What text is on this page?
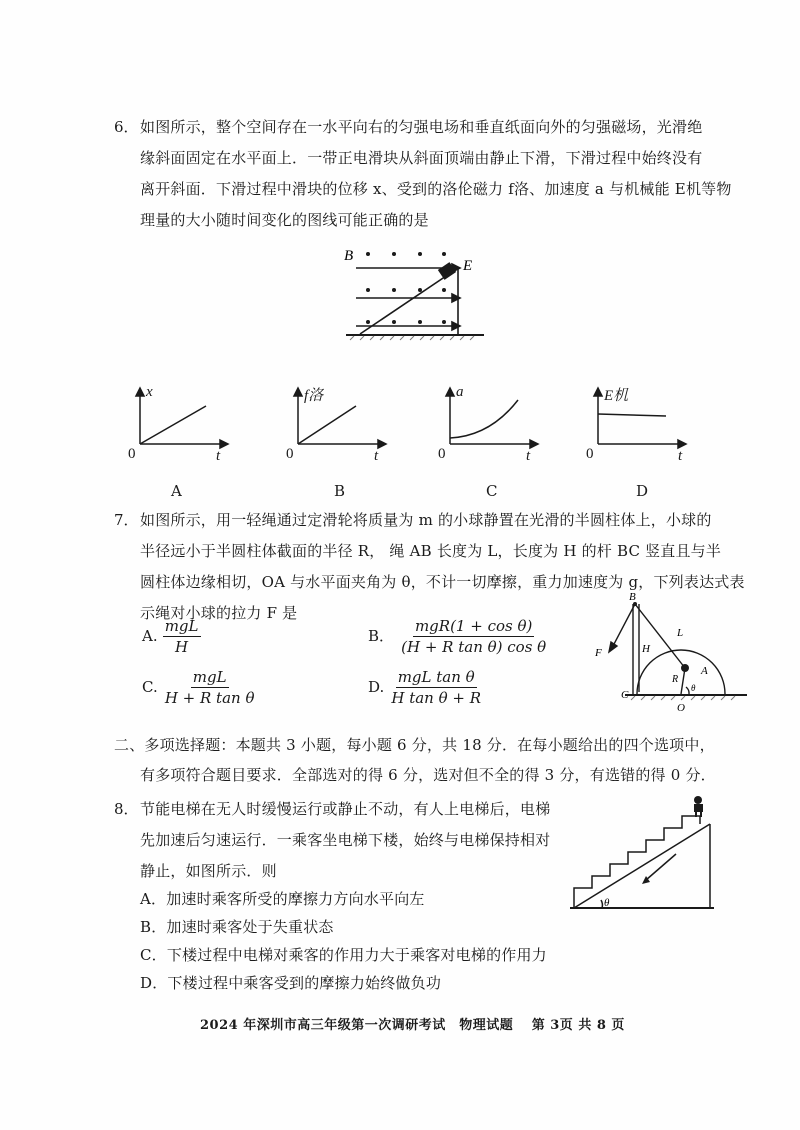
6． 如图所示，整个空间存在一水平向右的匀强电场和垂直纸面向外的匀强磁场，光滑绝
缘斜面固定在水平面上．一带正电滑块从斜面顶端由静止下滑，下滑过程中始终没有
离开斜面．下滑过程中滑块的位移 x、受到的洛伦磁力 f洛、加速度 a 与机械能 E机等物
理量的大小随时间变化的图线可能正确的是
B
E
x
0	t
A
f洛
0	t
B
a
0	t
C
E机
0	t
D
7． 如图所示，用一轻绳通过定滑轮将质量为 m 的小球静置在光滑的半圆柱体上，小球的
半径远小于半圆柱体截面的半径 R， 绳 AB 长度为 L，长度为 H 的杆 BC 竖直且与半
圆柱体边缘相切，OA 与水平面夹角为 θ，不计一切摩擦，重力加速度为 g，下列表达式表
示绳对小球的拉力 F 是
A. $\frac{\text{mgL}}{H}$	B． $\frac{\text{mgR(1 + cos θ)}}{\text{(H + R tan θ) cos θ}}$
C. $\frac{\text{mgL}}{\text{H + R tan θ}}$	D. $\frac{\text{mgL tan θ}}{\text{H tan θ + R}}$
B
F	H
L
A
R
θ
C
O
二、多项选择题：本题共 3 小题，每小题 6 分，共 18 分．在每小题给出的四个选项中，
有多项符合题目要求．全部选对的得 6 分，选对但不全的得 3 分，有选错的得 0 分．
8． 节能电梯在无人时缓慢运行或静止不动，有人上电梯后，电梯
先加速后匀速运行．一乘客坐电梯下楼，始终与电梯保持相对
静止，如图所示．则
A．加速时乘客所受的摩擦力方向水平向左
B．加速时乘客处于失重状态
C．下楼过程中电梯对乘客的作用力大于乘客对电梯的作用力
D．下楼过程中乘客受到的摩擦力始终做负功
θ
2024 年深圳市高三年级第一次调研考试　物理试题　 第 3页 共 8 页
